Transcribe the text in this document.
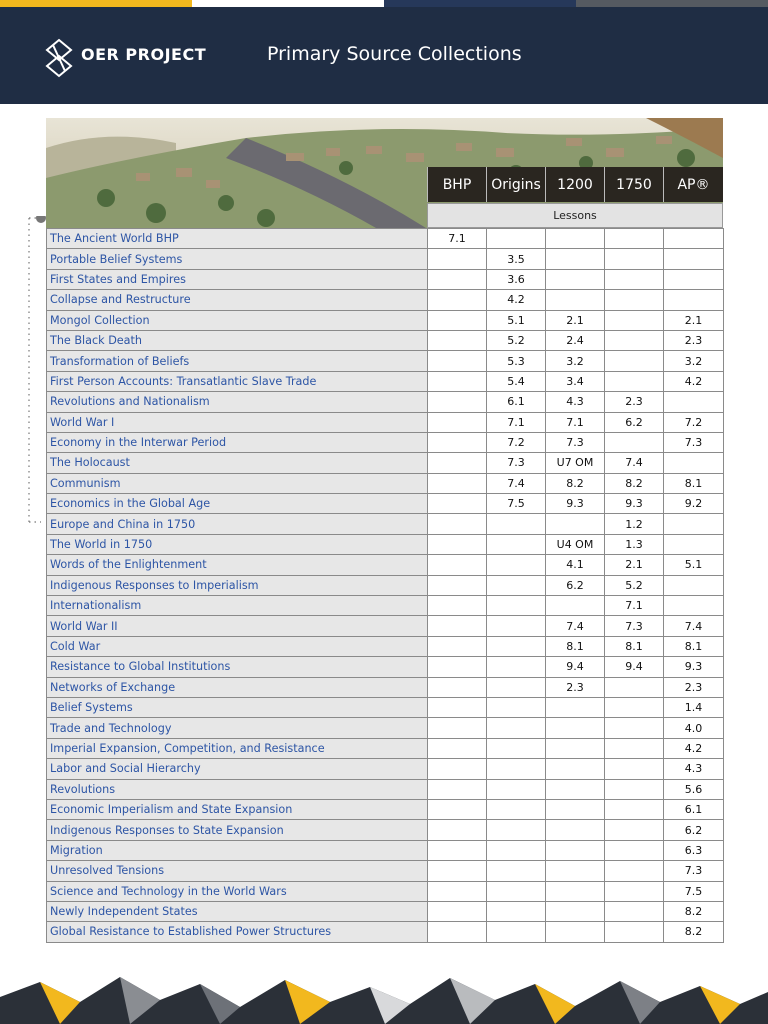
OER PROJECT	Primary Source Collections
BHP	Origins	1200	1750	AP®
Lessons
The Ancient World BHP	7.1				
Portable Belief Systems		3.5			
First States and Empires		3.6			
Collapse and Restructure		4.2			
Mongol Collection		5.1	2.1		2.1
The Black Death		5.2	2.4		2.3
Transformation of Beliefs		5.3	3.2		3.2
First Person Accounts: Transatlantic Slave Trade		5.4	3.4		4.2
Revolutions and Nationalism		6.1	4.3	2.3	
World War I		7.1	7.1	6.2	7.2
Economy in the Interwar Period		7.2	7.3		7.3
The Holocaust		7.3	U7 OM	7.4	
Communism		7.4	8.2	8.2	8.1
Economics in the Global Age		7.5	9.3	9.3	9.2
Europe and China in 1750				1.2	
The World in 1750			U4 OM	1.3	
Words of the Enlightenment			4.1	2.1	5.1
Indigenous Responses to Imperialism			6.2	5.2	
Internationalism				7.1	
World War II			7.4	7.3	7.4
Cold War			8.1	8.1	8.1
Resistance to Global Institutions			9.4	9.4	9.3
Networks of Exchange			2.3		2.3
Belief Systems					1.4
Trade and Technology					4.0
Imperial Expansion, Competition, and Resistance					4.2
Labor and Social Hierarchy					4.3
Revolutions					5.6
Economic Imperialism and State Expansion					6.1
Indigenous Responses to State Expansion					6.2
Migration					6.3
Unresolved Tensions					7.3
Science and Technology in the World Wars					7.5
Newly Independent States					8.2
Global Resistance to Established Power Structures					8.2
